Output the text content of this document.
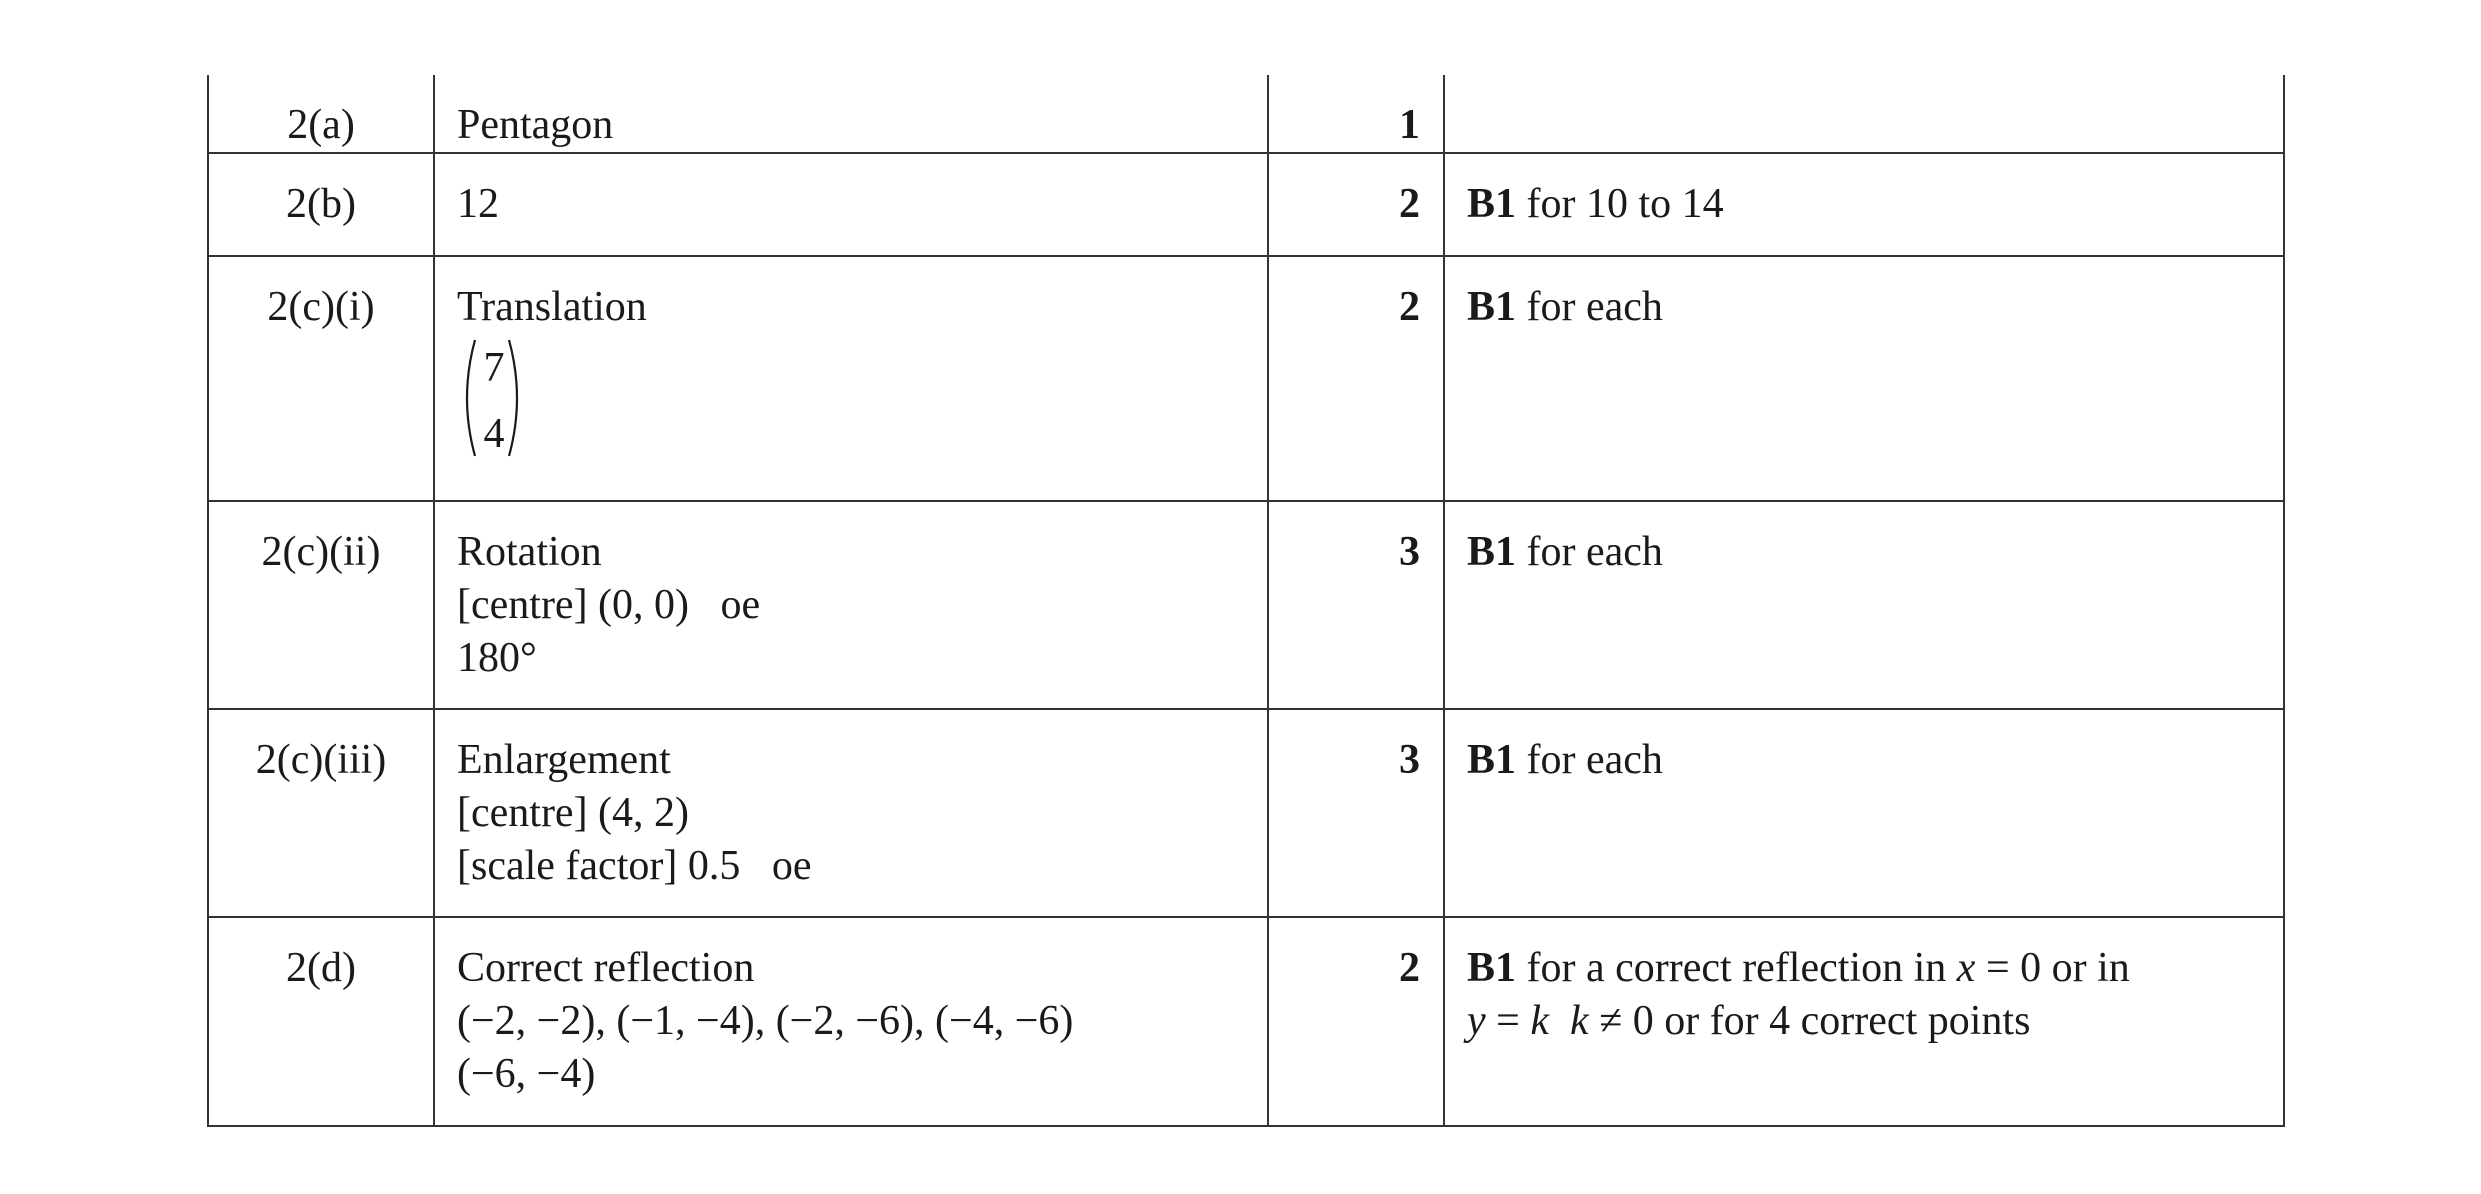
2(a)	Pentagon	1	
2(b)	12	2	B1 for 10 to 14
2(c)(i)	Translation
7
4	2	B1 for each
2(c)(ii)	Rotation
[centre] (0, 0)   oe
180°	3	B1 for each
2(c)(iii)	Enlargement
[centre] (4, 2)
[scale factor] 0.5   oe	3	B1 for each
2(d)	Correct reflection
(−2, −2), (−1, −4), (−2, −6), (−4, −6)
(−6, −4)	2	B1 for a correct reflection in x = 0 or in
y = k k ≠ 0 or for 4 correct points
